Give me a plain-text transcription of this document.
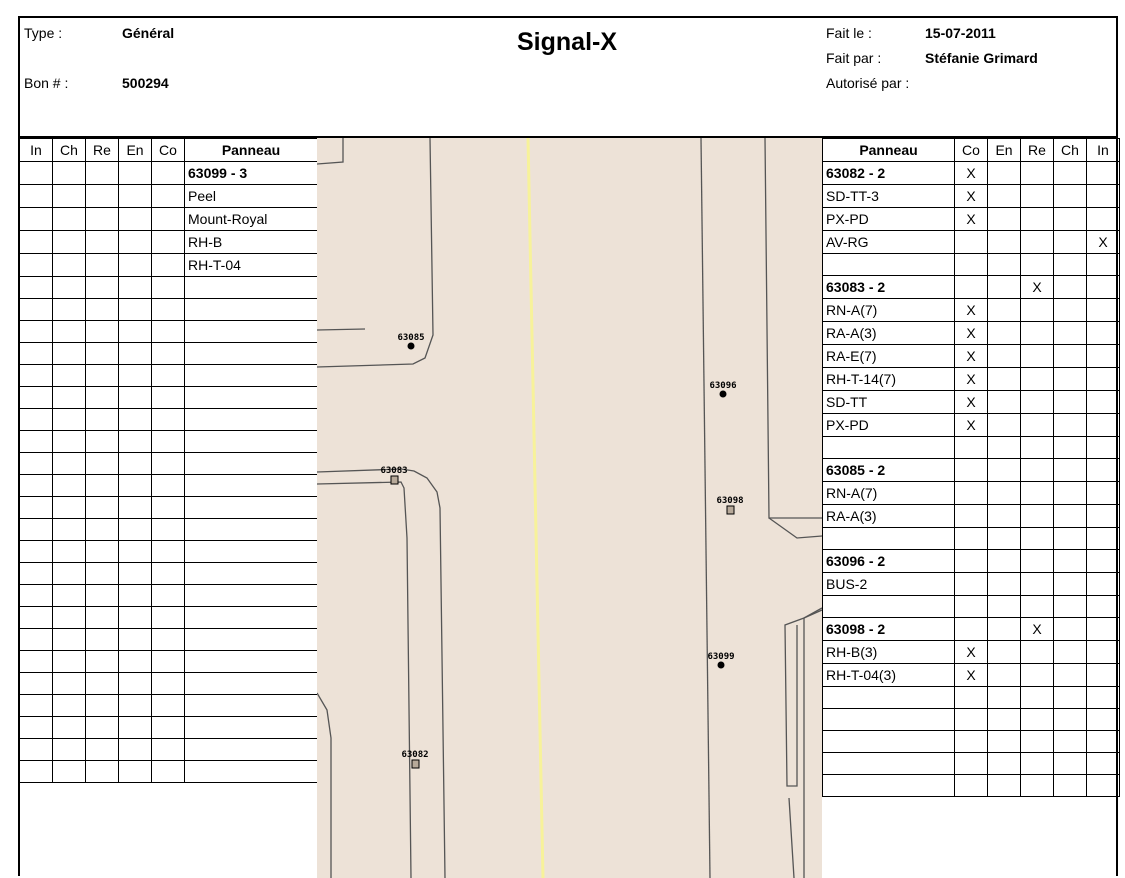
Type :	Général
Bon # :	500294
Signal-X	Fait le :	15-07-2011
Fait par :	Stéfanie Grimard
Autorisé par :
In	Ch	Re	En	Co	Panneau
					63099 - 3
					Peel
					Mount-Royal
					RH-B
					RH-T-04

63085
63096
63083
63098
63099
63082
Panneau	Co	En	Re	Ch	In
63082 - 2	X				
SD-TT-3	X				
PX-PD	X				
AV-RG					X

63083 - 2			X		
RN-A(7)	X				
RA-A(3)	X				
RA-E(7)	X				
RH-T-14(7)	X				
SD-TT	X				
PX-PD	X				

63085 - 2					
RN-A(7)					
RA-A(3)					

63096 - 2					
BUS-2					

63098 - 2			X		
RH-B(3)	X				
RH-T-04(3)	X				
